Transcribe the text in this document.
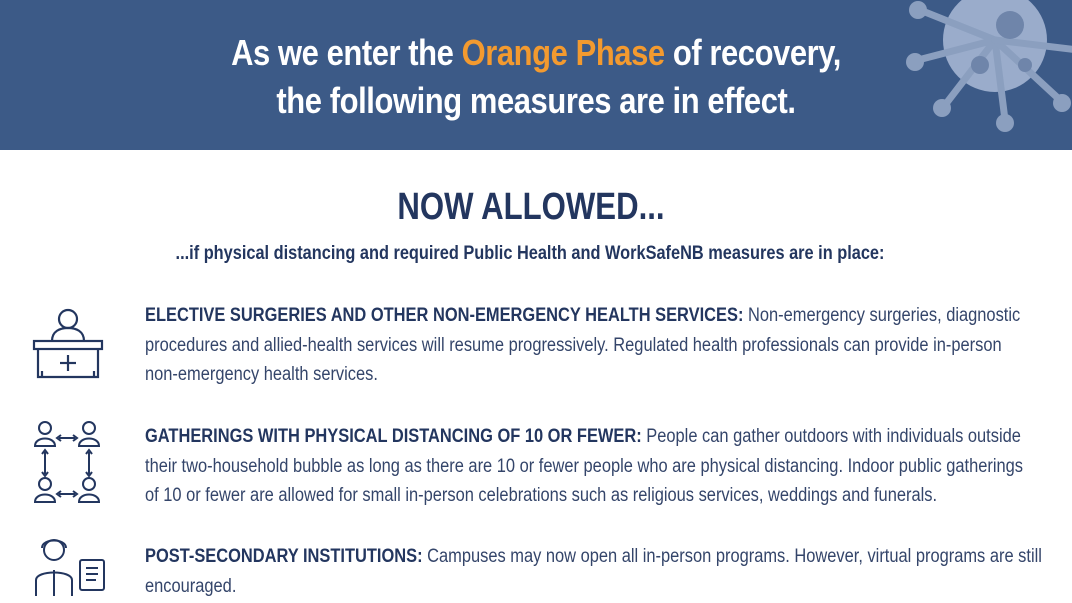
As we enter the Orange Phase of recovery,
the following measures are in effect.
NOW ALLOWED...
...if physical distancing and required Public Health and WorkSafeNB measures are in place:
ELECTIVE SURGERIES AND OTHER NON-EMERGENCY HEALTH SERVICES: Non-emergency surgeries, diagnostic
procedures and allied-health services will resume progressively. Regulated health professionals can provide in-person
non-emergency health services.
GATHERINGS WITH PHYSICAL DISTANCING OF 10 OR FEWER: People can gather outdoors with individuals outside
their two-household bubble as long as there are 10 or fewer people who are physical distancing. Indoor public gatherings
of 10 or fewer are allowed for small in-person celebrations such as religious services, weddings and funerals.
POST-SECONDARY INSTITUTIONS: Campuses may now open all in-person programs. However, virtual programs are still
encouraged.
